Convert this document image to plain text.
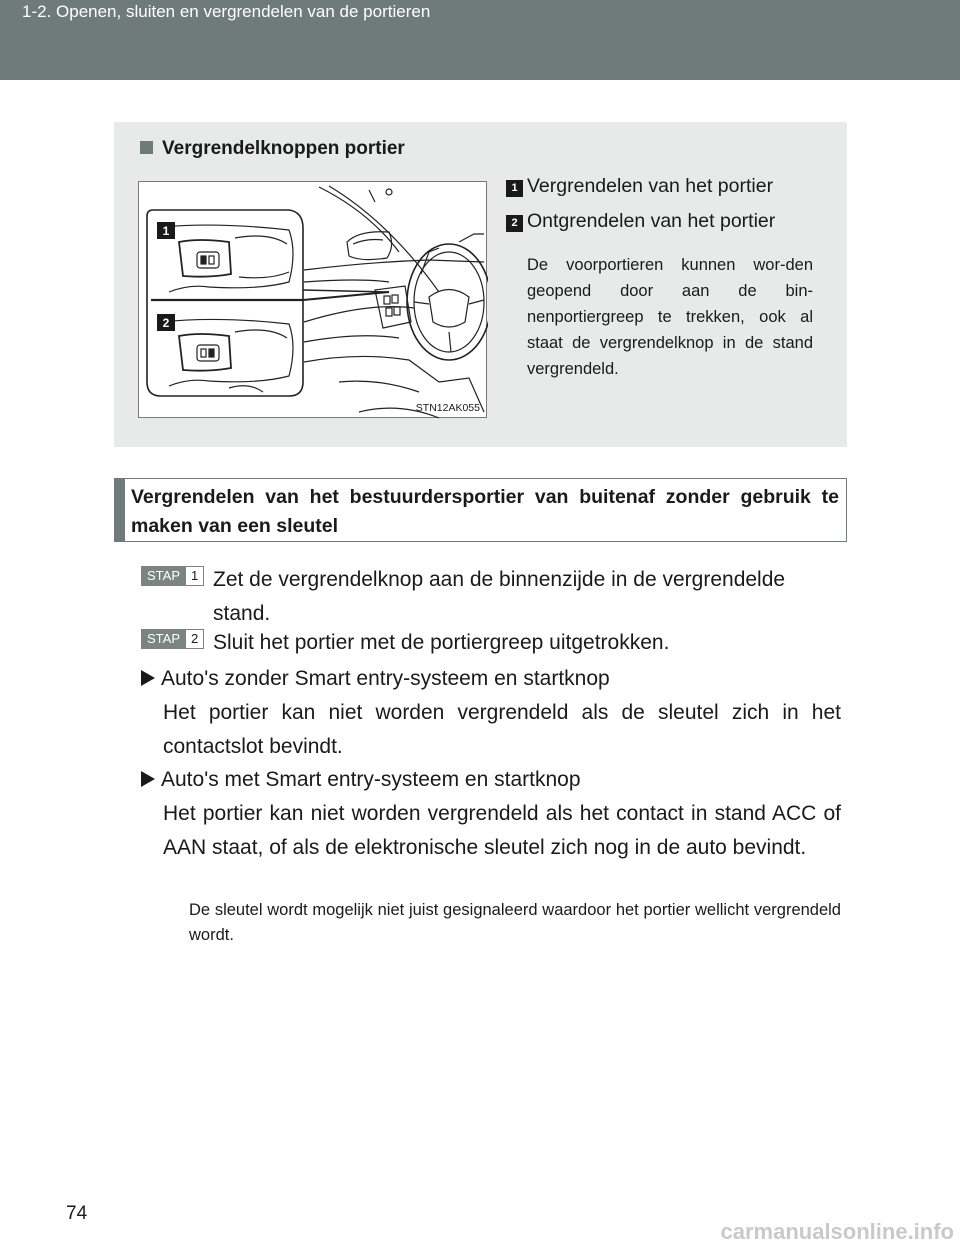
1-2. Openen, sluiten en vergrendelen van de portieren
Vergrendelknoppen portier
1
2
STN12AK055
1 Vergrendelen van het portier
2 Ontgrendelen van het portier
De voorportieren kunnen wor-den geopend door aan de bin-nenportiergreep te trekken, ook al staat de vergrendelknop in de stand vergrendeld.
Vergrendelen van het bestuurdersportier van buitenaf zonder gebruik te maken van een sleutel
STAP 1 Zet de vergrendelknop aan de binnenzijde in de vergrendelde stand.
STAP 2 Sluit het portier met de portiergreep uitgetrokken.
Auto's zonder Smart entry-systeem en startknop
Het portier kan niet worden vergrendeld als de sleutel zich in het contactslot bevindt.
Auto's met Smart entry-systeem en startknop
Het portier kan niet worden vergrendeld als het contact in stand ACC of AAN staat, of als de elektronische sleutel zich nog in de auto bevindt.
De sleutel wordt mogelijk niet juist gesignaleerd waardoor het portier wellicht vergrendeld wordt.
74
carmanualsonline.info
